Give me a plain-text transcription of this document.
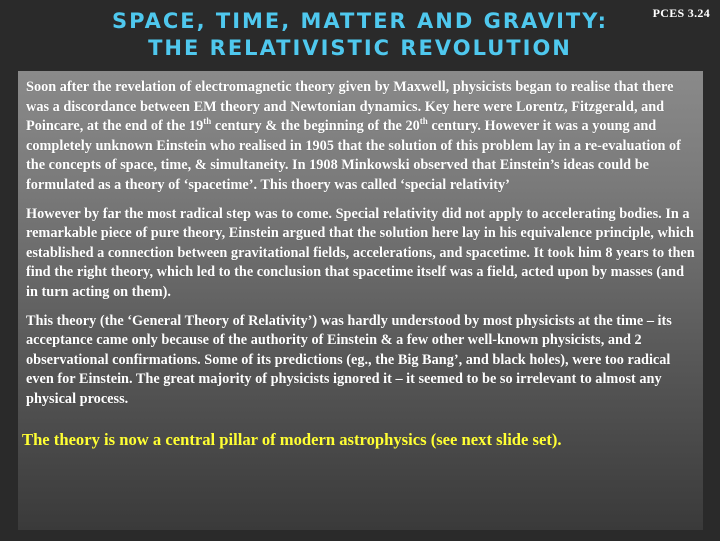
PCES 3.24
SPACE, TIME, MATTER AND GRAVITY:
THE RELATIVISTIC REVOLUTION

Soon after the revelation of electromagnetic theory given by Maxwell, physicists began to realise that there was a discordance between EM theory and Newtonian dynamics. Key here were Lorentz, Fitzgerald, and Poincare, at the end of the 19th century & the beginning of the 20th century. However it was a young and completely unknown Einstein who realised in 1905 that the solution of this problem lay in a re-evaluation of the concepts of space, time, & simultaneity. In 1908 Minkowski observed that Einstein’s ideas could be formulated as a theory of ‘spacetime’. This thoery was called ‘special relativity’

However by far the most radical step was to come. Special relativity did not apply to accelerating bodies. In a remarkable piece of pure theory, Einstein argued that the solution here lay in his equivalence principle, which established a connection between gravitational fields, accelerations, and spacetime. It took him 8 years to then find the right theory, which led to the conclusion that spacetime itself was a field, acted upon by masses (and in turn acting on them).

This theory (the ‘General Theory of Relativity’) was hardly understood by most physicists at the time – its acceptance came only because of the authority of Einstein & a few other well-known physicists, and 2 observational confirmations. Some of its predictions (eg., the Big Bang’, and black holes), were too radical even for Einstein. The great majority of physicists ignored it – it seemed to be so irrelevant to almost any physical process.

The theory is now a central pillar of modern astrophysics (see next slide set).
